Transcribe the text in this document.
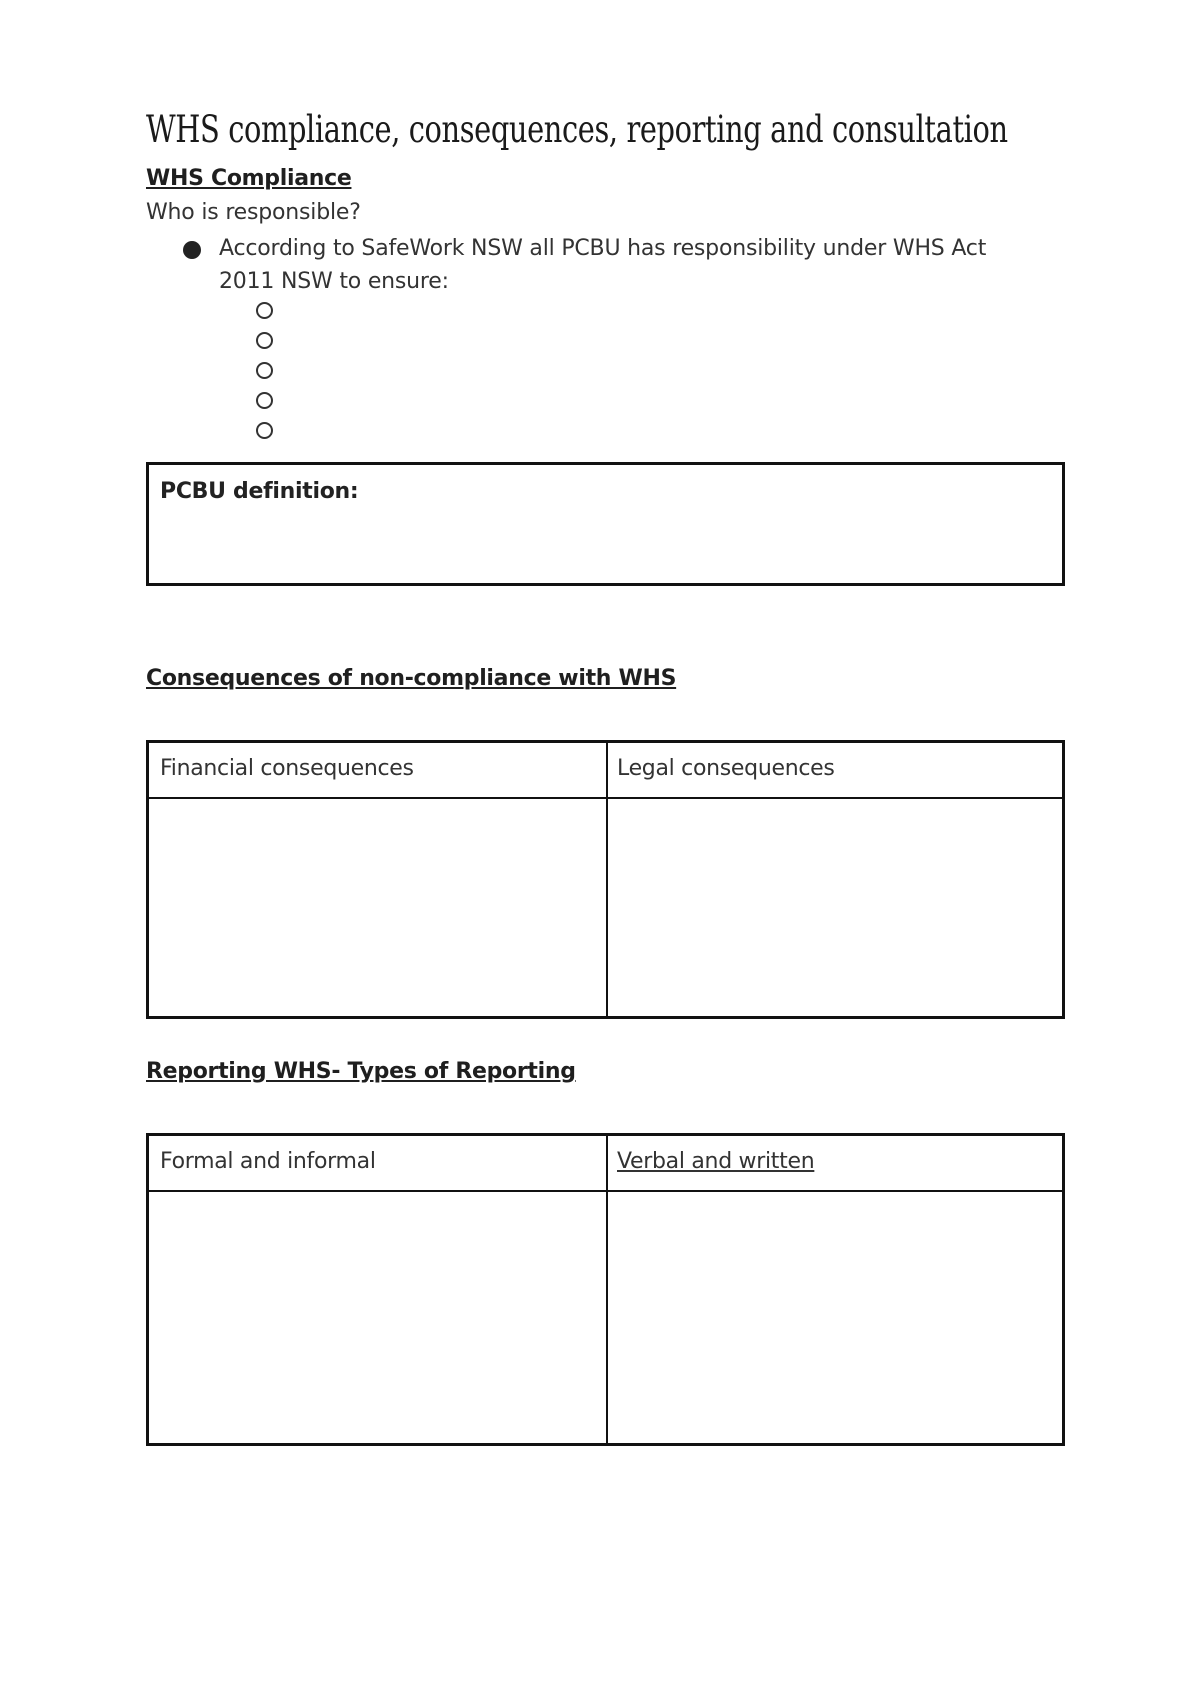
WHS compliance, consequences, reporting and consultation
WHS Compliance
Who is responsible?
According to SafeWork NSW all PCBU has responsibility under WHS Act 2011 NSW to ensure:
PCBU definition:
Consequences of non-compliance with WHS
Financial consequences	Legal consequences
Reporting WHS- Types of Reporting
Formal and informal	Verbal and written
